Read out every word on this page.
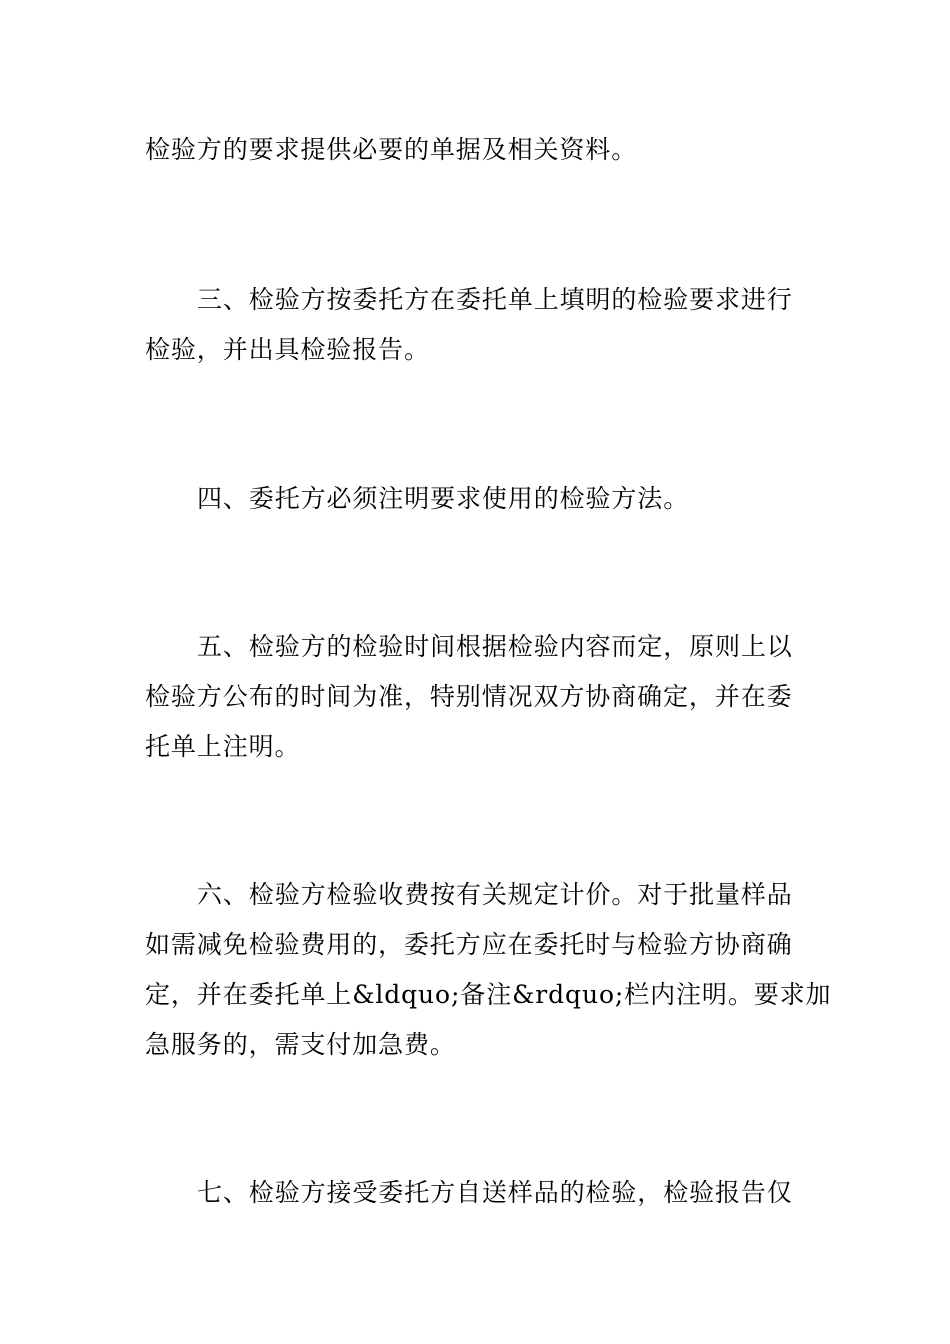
检验方的要求提供必要的单据及相关资料。

三、检验方按委托方在委托单上填明的检验要求进行
检验，并出具检验报告。

四、委托方必须注明要求使用的检验方法。

五、检验方的检验时间根据检验内容而定，原则上以
检验方公布的时间为准，特别情况双方协商确定，并在委
托单上注明。

六、检验方检验收费按有关规定计价。对于批量样品
如需减免检验费用的，委托方应在委托时与检验方协商确
定，并在委托单上&ldquo;备注&rdquo;栏内注明。要求加
急服务的，需支付加急费。

七、检验方接受委托方自送样品的检验，检验报告仅
